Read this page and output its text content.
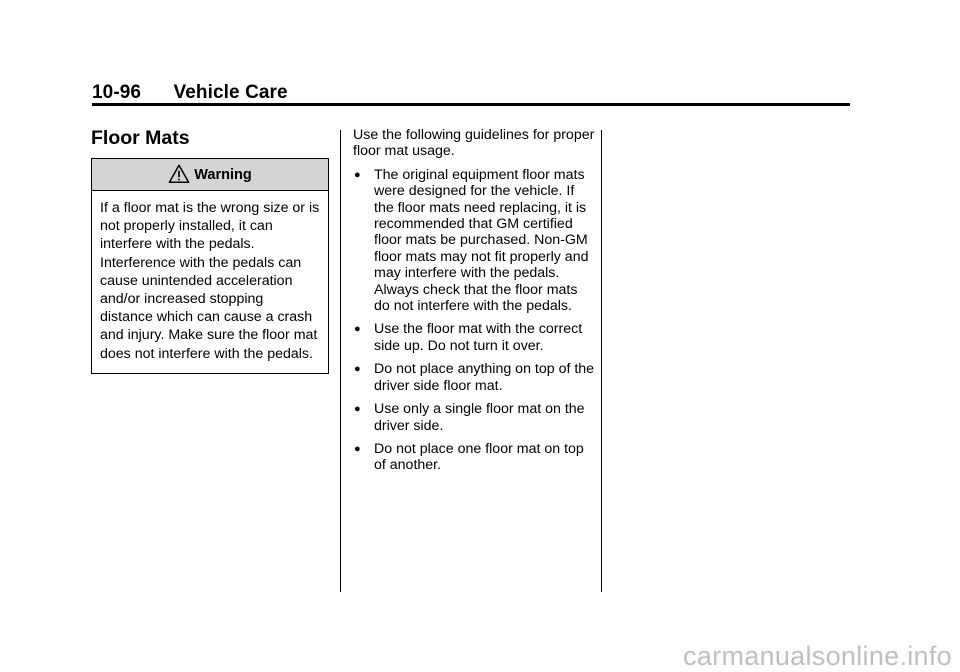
10-96 Vehicle Care
Floor Mats
Warning
If a floor mat is the wrong size or is not properly installed, it can interfere with the pedals. Interference with the pedals can cause unintended acceleration and/or increased stopping distance which can cause a crash and injury. Make sure the floor mat does not interfere with the pedals.

Use the following guidelines for proper floor mat usage.

● The original equipment floor mats were designed for the vehicle. If the floor mats need replacing, it is recommended that GM certified floor mats be purchased. Non-GM floor mats may not fit properly and may interfere with the pedals. Always check that the floor mats do not interfere with the pedals.
● Use the floor mat with the correct side up. Do not turn it over.
● Do not place anything on top of the driver side floor mat.
● Use only a single floor mat on the driver side.
● Do not place one floor mat on top of another.
carmanualsonline.info
